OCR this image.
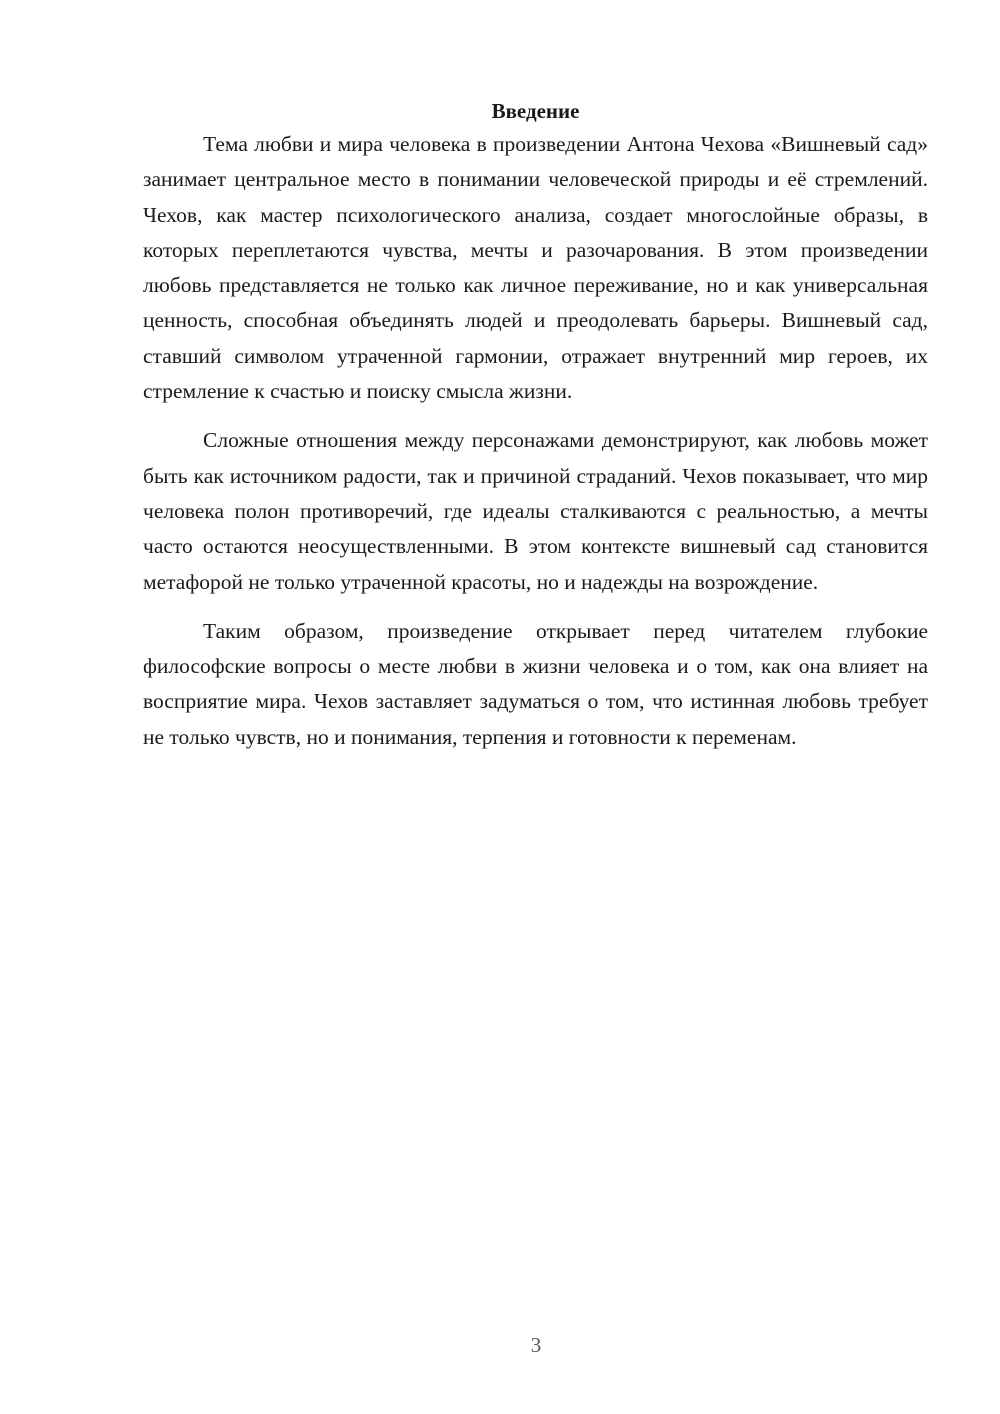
Введение

Тема любви и мира человека в произведении Антона Чехова «Вишневый сад» занимает центральное место в понимании человеческой природы и её стремлений. Чехов, как мастер психологического анализа, создает многослойные образы, в которых переплетаются чувства, мечты и разочарования. В этом произведении любовь представляется не только как личное переживание, но и как универсальная ценность, способная объединять людей и преодолевать барьеры. Вишневый сад, ставший символом утраченной гармонии, отражает внутренний мир героев, их стремление к счастью и поиску смысла жизни.

Сложные отношения между персонажами демонстрируют, как любовь может быть как источником радости, так и причиной страданий. Чехов показывает, что мир человека полон противоречий, где идеалы сталкиваются с реальностью, а мечты часто остаются неосуществленными. В этом контексте вишневый сад становится метафорой не только утраченной красоты, но и надежды на возрождение.

Таким образом, произведение открывает перед читателем глубокие философские вопросы о месте любви в жизни человека и о том, как она влияет на восприятие мира. Чехов заставляет задуматься о том, что истинная любовь требует не только чувств, но и понимания, терпения и готовности к переменам.

3
